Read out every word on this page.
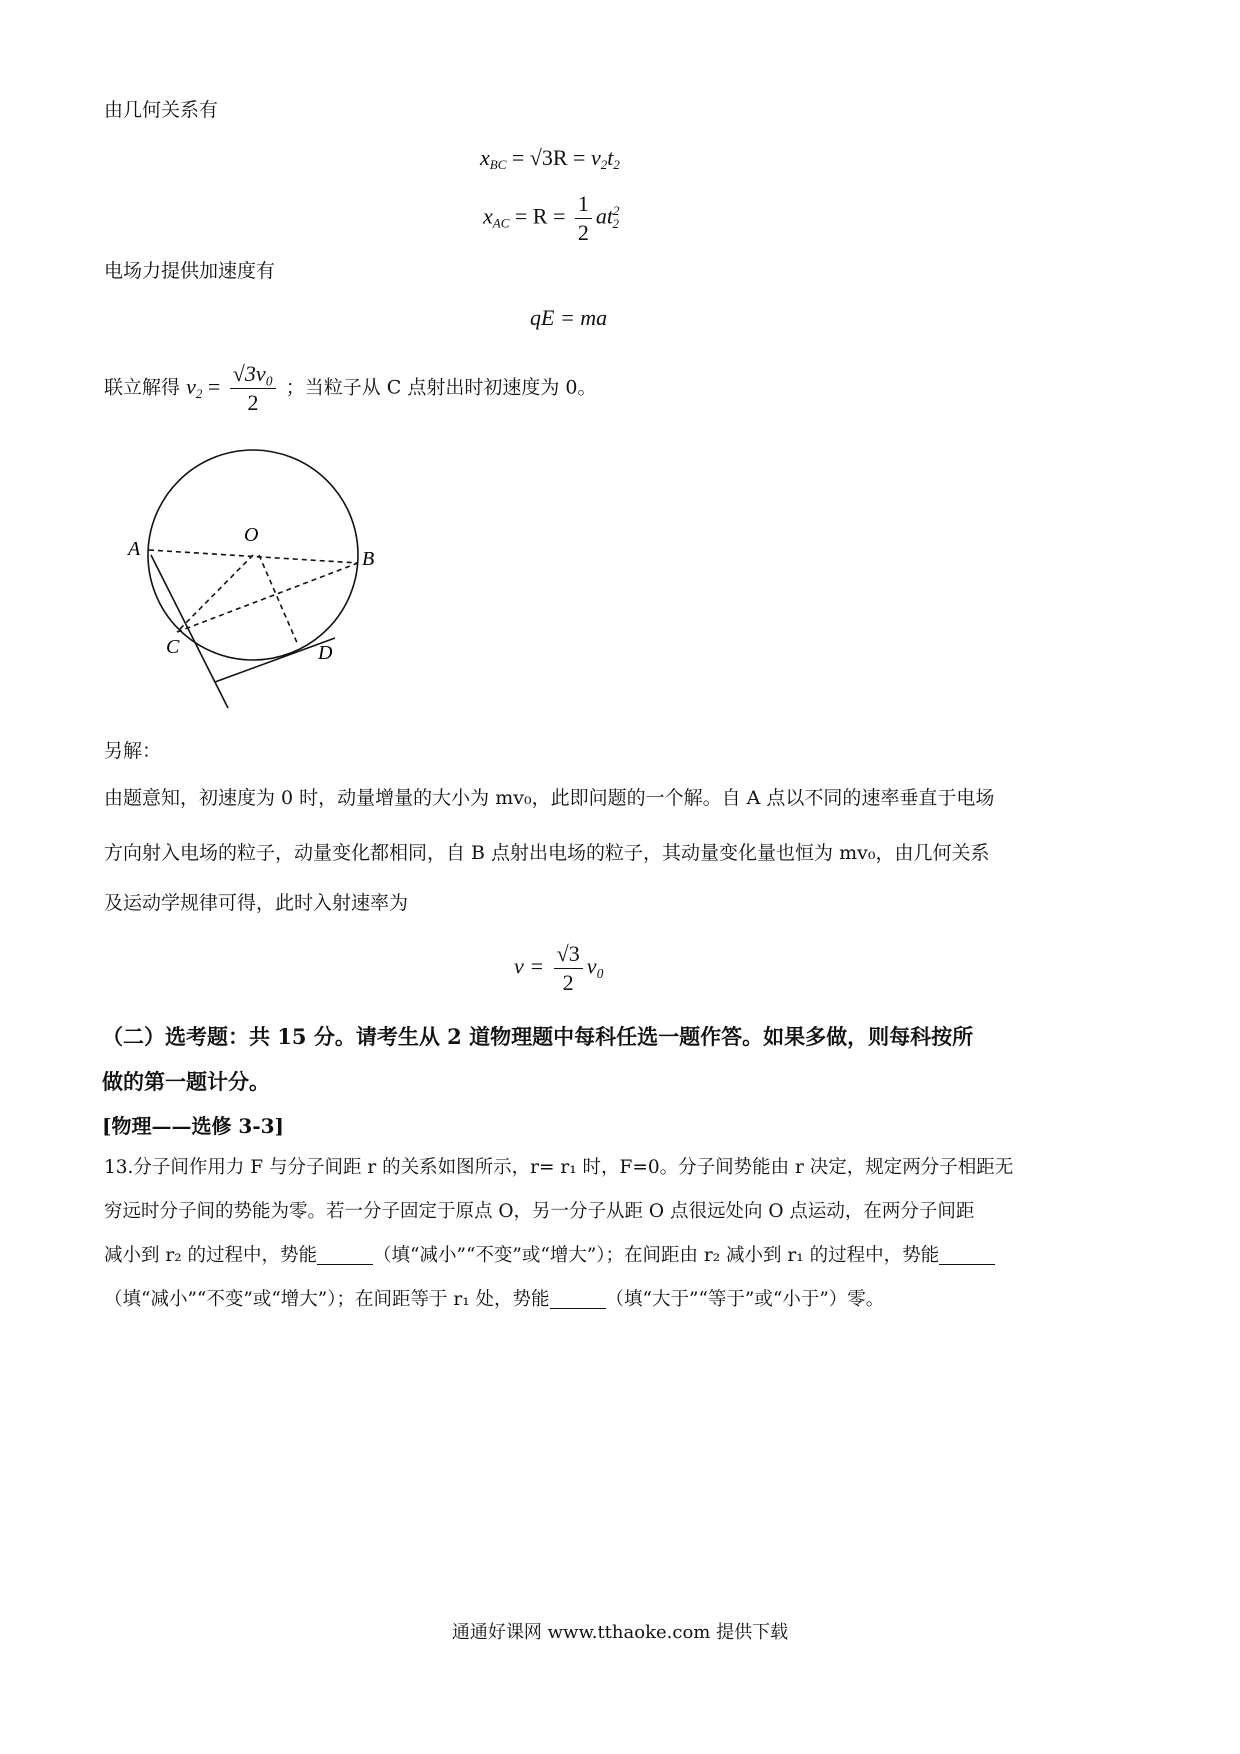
由几何关系有
$x_{BC} = √3R = v_2t_2$
$x_{AC} = R = \frac{1}{2} at^2_2$
电场力提供加速度有
qE = ma
联立解得 $v_2 = \frac{\text{√3v₀}}{2}$ ；当粒子从 C 点射出时初速度为 0。
A
O
B
C	D
另解：
由题意知，初速度为 0 时，动量增量的大小为 mv₀，此即问题的一个解。自 A 点以不同的速率垂直于电场
方向射入电场的粒子，动量变化都相同，自 B 点射出电场的粒子，其动量变化量也恒为 mv₀，由几何关系
及运动学规律可得，此时入射速率为
$v = \frac{√3}{2} v_0$
（二）选考题：共 15 分。请考生从 2 道物理题中每科任选一题作答。如果多做，则每科按所
做的第一题计分。
[物理——选修 3-3]
13.分子间作用力 F 与分子间距 r 的关系如图所示，r= r₁ 时，F=0。分子间势能由 r 决定，规定两分子相距无
穷远时分子间的势能为零。若一分子固定于原点 O，另一分子从距 O 点很远处向 O 点运动，在两分子间距
减小到 r₂ 的过程中，势能	（填“减小”“不变”或“增大”）；在间距由 r₂ 减小到 r₁ 的过程中，势能
（填“减小”“不变”或“增大”）；在间距等于 r₁ 处，势能	（填“大于”“等于”或“小于”）零。
通通好课网 www.tthaoke.com 提供下载
